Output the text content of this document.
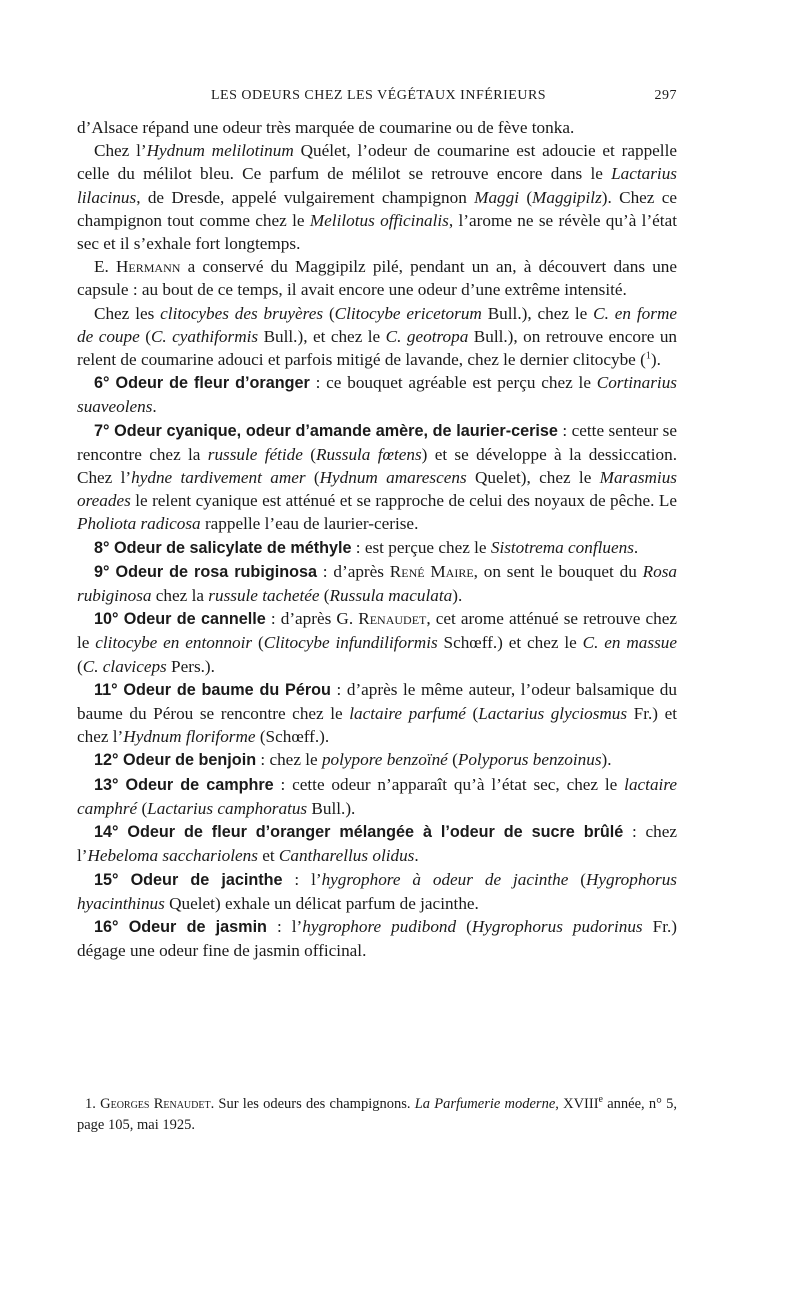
LES ODEURS CHEZ LES VÉGÉTAUX INFÉRIEURS	297

d’Alsace répand une odeur très marquée de coumarine ou de fève tonka.

Chez l’Hydnum melilotinum Quélet, l’odeur de coumarine est adoucie et rappelle celle du mélilot bleu. Ce parfum de mélilot se retrouve encore dans le Lactarius lilacinus, de Dresde, appelé vulgairement champignon Maggi (Maggipilz). Chez ce champignon tout comme chez le Melilotus officinalis, l’arome ne se révèle qu’à l’état sec et il s’exhale fort longtemps.

E. Hermann a conservé du Maggipilz pilé, pendant un an, à découvert dans une capsule : au bout de ce temps, il avait encore une odeur d’une extrême intensité.

Chez les clitocybes des bruyères (Clitocybe ericetorum Bull.), chez le C. en forme de coupe (C. cyathiformis Bull.), et chez le C. geotropa Bull.), on retrouve encore un relent de coumarine adouci et parfois mitigé de lavande, chez le dernier clitocybe ($^1$).

6° Odeur de fleur d’oranger : ce bouquet agréable est perçu chez le Cortinarius suaveolens.

7° Odeur cyanique, odeur d’amande amère, de laurier-cerise : cette senteur se rencontre chez la russule fétide (Russula fœtens) et se développe à la dessiccation. Chez l’hydne tardivement amer (Hydnum amarescens Quelet), chez le Marasmius oreades le relent cyanique est atténué et se rapproche de celui des noyaux de pêche. Le Pholiota radicosa rappelle l’eau de laurier-cerise.

8° Odeur de salicylate de méthyle : est perçue chez le Sistotrema confluens.

9° Odeur de rosa rubiginosa : d’après René Maire, on sent le bouquet du Rosa rubiginosa chez la russule tachetée (Russula maculata).

10° Odeur de cannelle : d’après G. Renaudet, cet arome atténué se retrouve chez le clitocybe en entonnoir (Clitocybe infundiliformis Schœff.) et chez le C. en massue (C. claviceps Pers.).

11° Odeur de baume du Pérou : d’après le même auteur, l’odeur balsamique du baume du Pérou se rencontre chez le lactaire parfumé (Lactarius glyciosmus Fr.) et chez l’Hydnum floriforme (Schœff.).

12° Odeur de benjoin : chez le polypore benzoïné (Polyporus benzoinus).

13° Odeur de camphre : cette odeur n’apparaît qu’à l’état sec, chez le lactaire camphré (Lactarius camphoratus Bull.).

14° Odeur de fleur d’oranger mélangée à l’odeur de sucre brûlé : chez l’Hebeloma sacchariolens et Cantharellus olidus.

15° Odeur de jacinthe : l’hygrophore à odeur de jacinthe (Hygrophorus hyacinthinus Quelet) exhale un délicat parfum de jacinthe.

16° Odeur de jasmin : l’hygrophore pudibond (Hygrophorus pudorinus Fr.) dégage une odeur fine de jasmin officinal.

1. Georges Renaudet. Sur les odeurs des champignons. La Parfumerie moderne, XVIIIe année, n° 5, page 105, mai 1925.
